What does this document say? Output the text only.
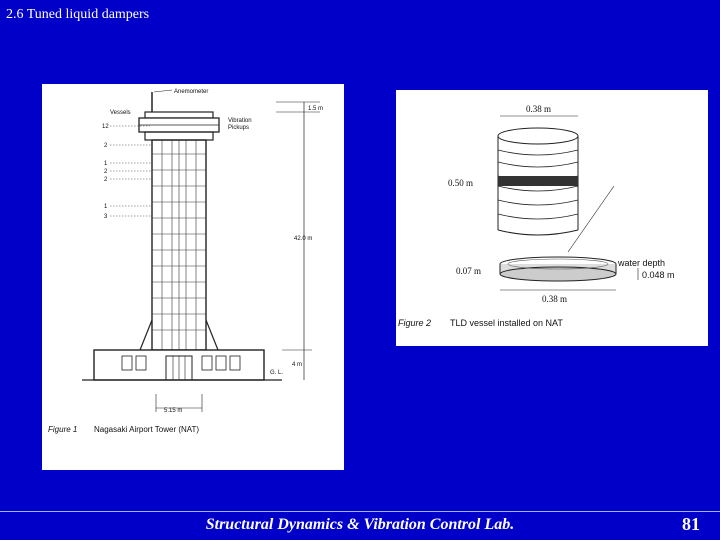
2.6 Tuned liquid dampers
Anemometer
Vessels
12
2
1
2
2
1
3
Vibration
Pickups
1.5 m
42.0 m
4 m
G. L.
5.15 m
Figure 1 Nagasaki Airport Tower (NAT)
0.38 m
0.50 m
0.07 m
water depth
0.048 m
0.38 m
Figure 2 TLD vessel installed on NAT
Structural Dynamics & Vibration Control Lab.	81
